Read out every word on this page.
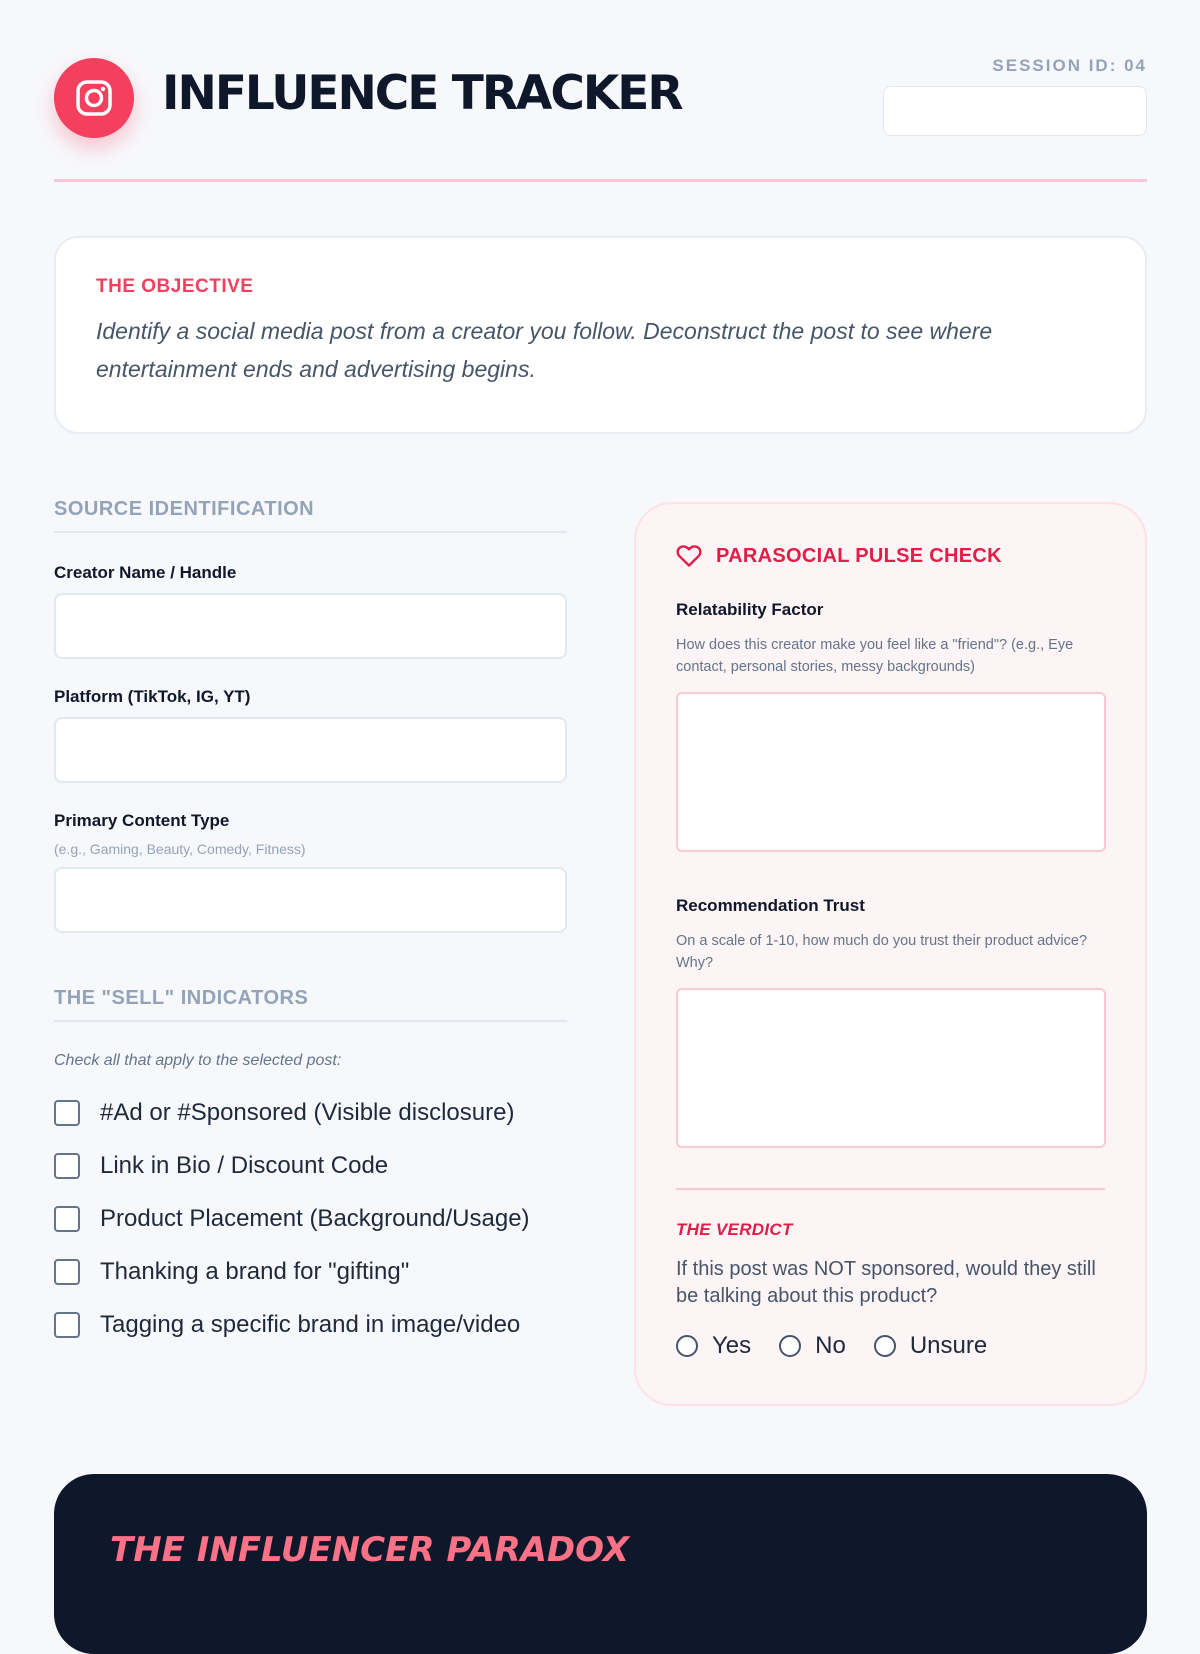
INFLUENCE TRACKER
SESSION ID: 04
THE OBJECTIVE
Identify a social media post from a creator you follow. Deconstruct the post to see where entertainment ends and advertising begins.
SOURCE IDENTIFICATION
Creator Name / Handle
Platform (TikTok, IG, YT)
Primary Content Type
(e.g., Gaming, Beauty, Comedy, Fitness)
THE "SELL" INDICATORS
Check all that apply to the selected post:
#Ad or #Sponsored (Visible disclosure)
Link in Bio / Discount Code
Product Placement (Background/Usage)
Thanking a brand for "gifting"
Tagging a specific brand in image/video
PARASOCIAL PULSE CHECK
Relatability Factor
How does this creator make you feel like a "friend"? (e.g., Eye contact, personal stories, messy backgrounds)
Recommendation Trust
On a scale of 1-10, how much do you trust their product advice? Why?
THE VERDICT
If this post was NOT sponsored, would they still be talking about this product?
Yes	No	Unsure
THE INFLUENCER PARADOX
